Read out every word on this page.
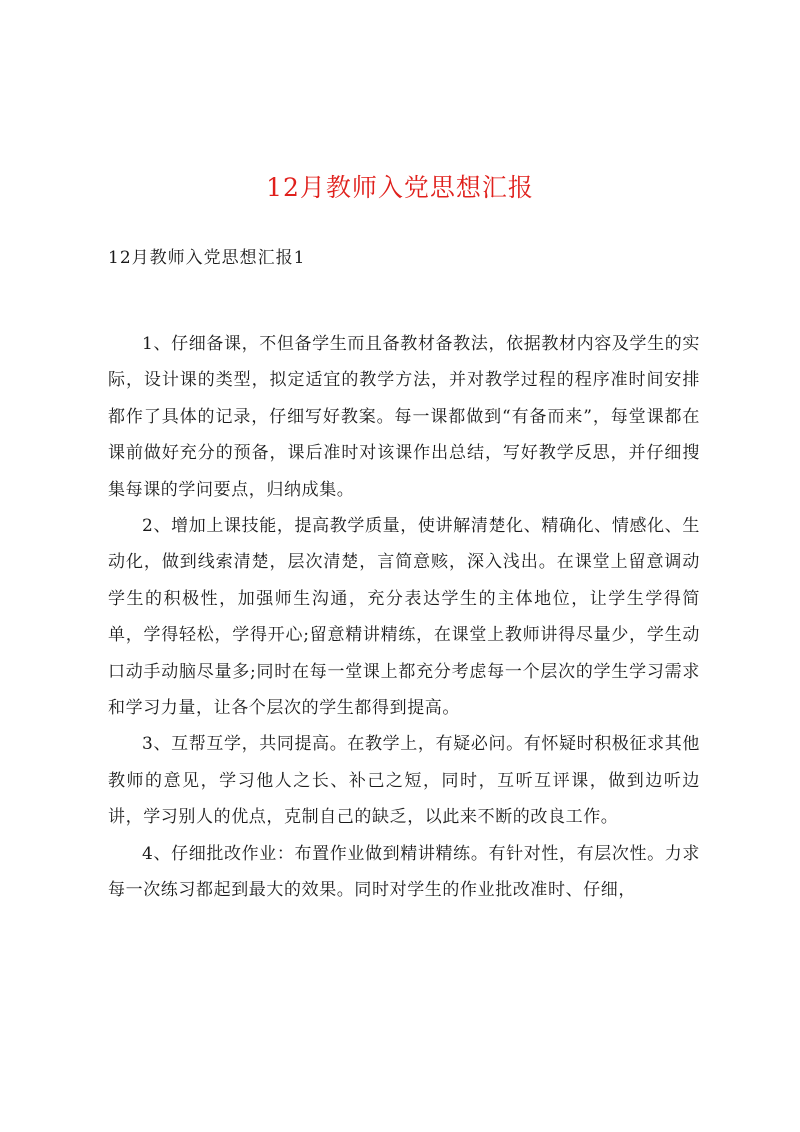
12月教师入党思想汇报

12月教师入党思想汇报1

1、仔细备课，不但备学生而且备教材备教法，依据教材内容及学生的实际，设计课的类型，拟定适宜的教学方法，并对教学过程的程序准时间安排都作了具体的记录，仔细写好教案。每一课都做到“有备而来”，每堂课都在课前做好充分的预备，课后准时对该课作出总结，写好教学反思，并仔细搜集每课的学问要点，归纳成集。

2、增加上课技能，提高教学质量，使讲解清楚化、精确化、情感化、生动化，做到线索清楚，层次清楚，言简意赅，深入浅出。在课堂上留意调动学生的积极性，加强师生沟通，充分表达学生的主体地位，让学生学得简单，学得轻松，学得开心;留意精讲精练，在课堂上教师讲得尽量少，学生动口动手动脑尽量多;同时在每一堂课上都充分考虑每一个层次的学生学习需求和学习力量，让各个层次的学生都得到提高。

3、互帮互学，共同提高。在教学上，有疑必问。有怀疑时积极征求其他教师的意见，学习他人之长、补己之短，同时，互听互评课，做到边听边讲，学习别人的优点，克制自己的缺乏，以此来不断的改良工作。

4、仔细批改作业：布置作业做到精讲精练。有针对性，有层次性。力求每一次练习都起到最大的效果。同时对学生的作业批改准时、仔细，
